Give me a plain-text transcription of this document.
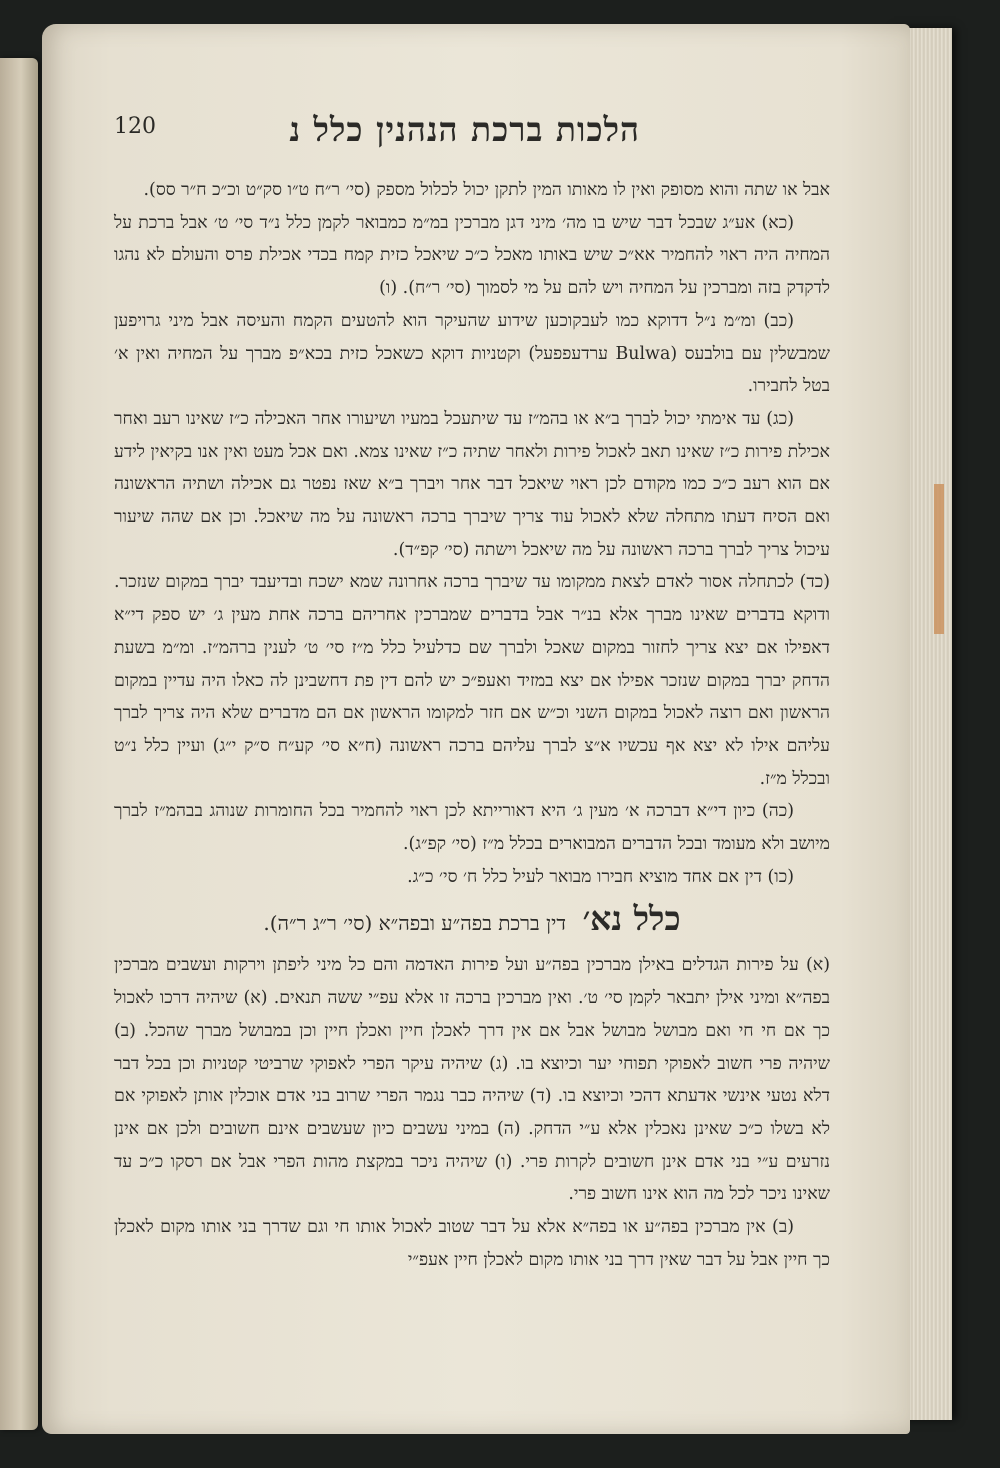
120	הלכות ברכת הנהנין כלל נ

אבל או שתה והוא מסופק ואין לו מאותו המין לתקן יכול לכלול מספק (סי׳ ר״ח ט״ו סק״ט וכ״כ ח״ר סס).

(כא) אע״ג שבכל דבר שיש בו מה׳ מיני דגן מברכין במ״מ כמבואר לקמן כלל נ״ד סי׳ ט׳ אבל ברכת על המחיה היה ראוי להחמיר אא״כ שיש באותו מאכל כ״כ שיאכל כזית קמח בכדי אכילת פרס והעולם לא נהגו לדקדק בזה ומברכין על המחיה ויש להם על מי לסמוך (סי׳ ר״ח). (ו)

(כב) ומ״מ נ״ל דדוקא כמו לעבקוכען שידוע שהעיקר הוא להטעים הקמח והעיסה אבל מיני גרויפען שמבשלין עם בולבעס (Bulwa ערדעפפעל) וקטניות דוקא כשאכל כזית בכא״פ מברך על המחיה ואין א׳ בטל לחבירו.

(כג) עד אימתי יכול לברך ב״א או בהמ״ז עד שיתעכל במעיו ושיעורו אחר האכילה כ״ז שאינו רעב ואחר אכילת פירות כ״ז שאינו תאב לאכול פירות ולאחר שתיה כ״ז שאינו צמא. ואם אכל מעט ואין אנו בקיאין לידע אם הוא רעב כ״כ כמו מקודם לכן ראוי שיאכל דבר אחר ויברך ב״א שאז נפטר גם אכילה ושתיה הראשונה ואם הסיח דעתו מתחלה שלא לאכול עוד צריך שיברך ברכה ראשונה על מה שיאכל. וכן אם שהה שיעור עיכול צריך לברך ברכה ראשונה על מה שיאכל וישתה (סי׳ קפ״ד).

(כד) לכתחלה אסור לאדם לצאת ממקומו עד שיברך ברכה אחרונה שמא ישכח ובדיעבד יברך במקום שנזכר. ודוקא בדברים שאינו מברך אלא בנ״ר אבל בדברים שמברכין אחריהם ברכה אחת מעין ג׳ יש ספק די״א דאפילו אם יצא צריך לחזור במקום שאכל ולברך שם כדלעיל כלל מ״ז סי׳ ט׳ לענין ברהמ״ז. ומ״מ בשעת הדחק יברך במקום שנזכר אפילו אם יצא במזיד ואעפ״כ יש להם דין פת דחשבינן לה כאלו היה עדיין במקום הראשון ואם רוצה לאכול במקום השני וכ״ש אם חזר למקומו הראשון אם הם מדברים שלא היה צריך לברך עליהם אילו לא יצא אף עכשיו א״צ לברך עליהם ברכה ראשונה (ח״א סי׳ קע״ח ס״ק י״ג) ועיין כלל נ״ט ובכלל מ״ז.

(כה) כיון די״א דברכה א׳ מעין ג׳ היא דאורייתא לכן ראוי להחמיר בכל החומרות שנוהג בבהמ״ז לברך מיושב ולא מעומד ובכל הדברים המבוארים בכלל מ״ז (סי׳ קפ״ג).

(כו) דין אם אחד מוציא חבירו מבואר לעיל כלל ח׳ סי׳ כ״ג.

כלל נא׳   דין ברכת בפה״ע ובפה״א (סי׳ ר״ג ר״ה).

(א) על פירות הגדלים באילן מברכין בפה״ע ועל פירות האדמה והם כל מיני ליפתן וירקות ועשבים מברכין בפה״א ומיני אילן יתבאר לקמן סי׳ ט׳. ואין מברכין ברכה זו אלא עפ״י ששה תנאים. (א) שיהיה דרכו לאכול כך אם חי חי ואם מבושל מבושל אבל אם אין דרך לאכלן חיין ואכלן חיין וכן במבושל מברך שהכל. (ב) שיהיה פרי חשוב לאפוקי תפוחי יער וכיוצא בו. (ג) שיהיה עיקר הפרי לאפוקי שרביטי קטניות וכן בכל דבר דלא נטעי אינשי אדעתא דהכי וכיוצא בו. (ד) שיהיה כבר נגמר הפרי שרוב בני אדם אוכלין אותן לאפוקי אם לא בשלו כ״כ שאינן נאכלין אלא ע״י הדחק. (ה) במיני עשבים כיון שעשבים אינם חשובים ולכן אם אינן נזרעים ע״י בני אדם אינן חשובים לקרות פרי. (ו) שיהיה ניכר במקצת מהות הפרי אבל אם רסקו כ״כ עד שאינו ניכר לכל מה הוא אינו חשוב פרי.

(ב) אין מברכין בפה״ע או בפה״א אלא על דבר שטוב לאכול אותו חי וגם שדרך בני אותו מקום לאכלן כך חיין אבל על דבר שאין דרך בני אותו מקום לאכלן חיין אעפ״י
